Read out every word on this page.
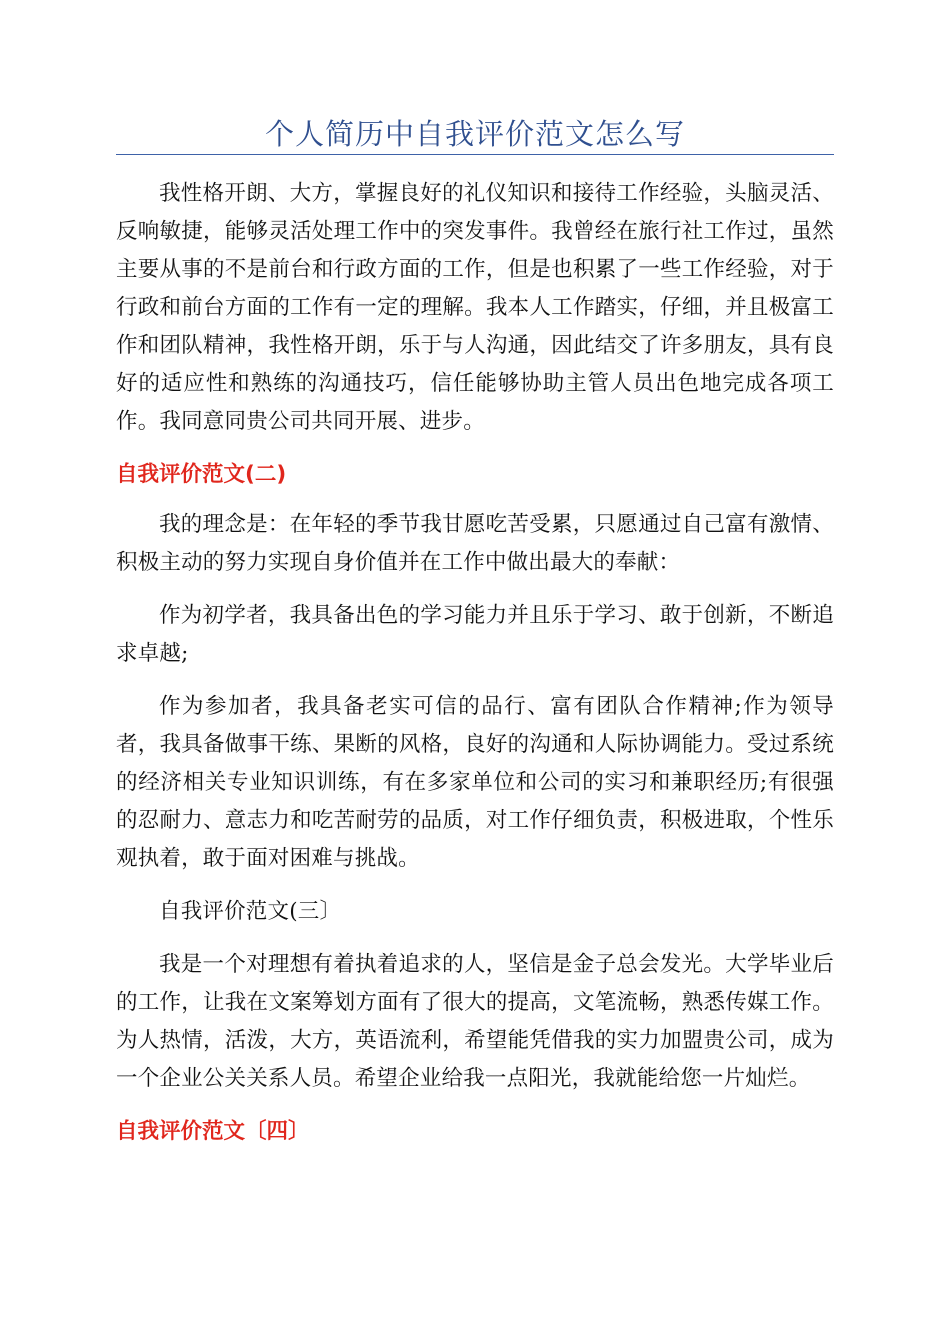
个人简历中自我评价范文怎么写

我性格开朗、大方，掌握良好的礼仪知识和接待工作经验，头脑灵活、反响敏捷，能够灵活处理工作中的突发事件。我曾经在旅行社工作过，虽然主要从事的不是前台和行政方面的工作，但是也积累了一些工作经验，对于行政和前台方面的工作有一定的理解。我本人工作踏实，仔细，并且极富工作和团队精神，我性格开朗，乐于与人沟通，因此结交了许多朋友，具有良好的适应性和熟练的沟通技巧，信任能够协助主管人员出色地完成各项工作。我同意同贵公司共同开展、进步。

自我评价范文(二)

我的理念是：在年轻的季节我甘愿吃苦受累，只愿通过自己富有激情、积极主动的努力实现自身价值并在工作中做出最大的奉献：

作为初学者，我具备出色的学习能力并且乐于学习、敢于创新，不断追求卓越;

作为参加者，我具备老实可信的品行、富有团队合作精神;作为领导者，我具备做事干练、果断的风格，良好的沟通和人际协调能力。受过系统的经济相关专业知识训练，有在多家单位和公司的实习和兼职经历;有很强的忍耐力、意志力和吃苦耐劳的品质，对工作仔细负责，积极进取，个性乐观执着，敢于面对困难与挑战。

自我评价范文(三〕

我是一个对理想有着执着追求的人，坚信是金子总会发光。大学毕业后的工作，让我在文案筹划方面有了很大的提高，文笔流畅，熟悉传媒工作。为人热情，活泼，大方，英语流利，希望能凭借我的实力加盟贵公司，成为一个企业公关关系人员。希望企业给我一点阳光，我就能给您一片灿烂。

自我评价范文〔四〕
